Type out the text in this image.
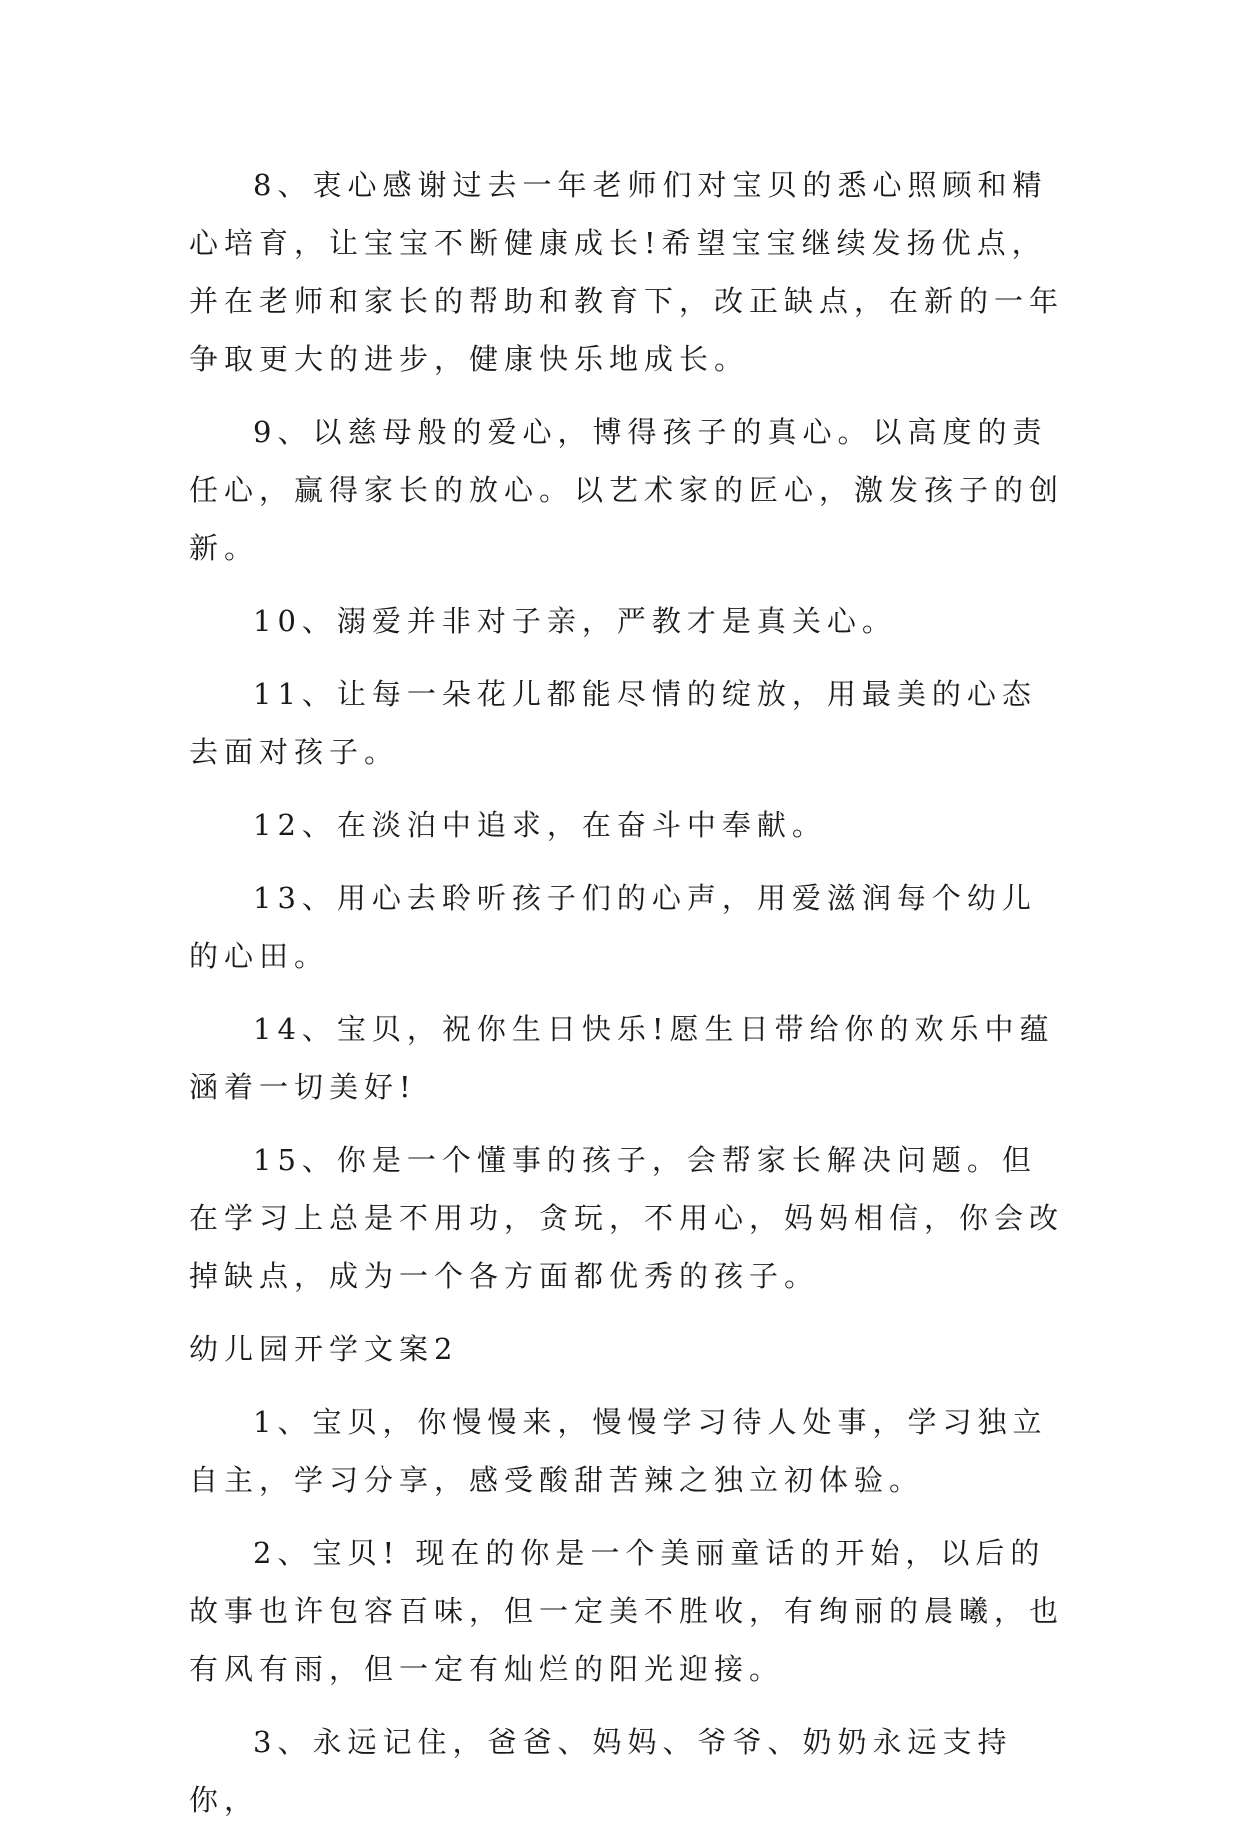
8、衷心感谢过去一年老师们对宝贝的悉心照顾和精心培育，让宝宝不断健康成长!希望宝宝继续发扬优点，并在老师和家长的帮助和教育下，改正缺点，在新的一年争取更大的进步，健康快乐地成长。

9、以慈母般的爱心，博得孩子的真心。以高度的责任心，赢得家长的放心。以艺术家的匠心，激发孩子的创新。

10、溺爱并非对子亲，严教才是真关心。

11、让每一朵花儿都能尽情的绽放，用最美的心态去面对孩子。

12、在淡泊中追求，在奋斗中奉献。

13、用心去聆听孩子们的心声，用爱滋润每个幼儿的心田。

14、宝贝，祝你生日快乐!愿生日带给你的欢乐中蕴涵着一切美好!

15、你是一个懂事的孩子，会帮家长解决问题。但在学习上总是不用功，贪玩，不用心，妈妈相信，你会改掉缺点，成为一个各方面都优秀的孩子。

幼儿园开学文案2

1、宝贝，你慢慢来，慢慢学习待人处事，学习独立自主，学习分享，感受酸甜苦辣之独立初体验。

2、宝贝! 现在的你是一个美丽童话的开始，以后的故事也许包容百味，但一定美不胜收，有绚丽的晨曦，也有风有雨，但一定有灿烂的阳光迎接。

3、永远记住，爸爸、妈妈、爷爷、奶奶永远支持你，
